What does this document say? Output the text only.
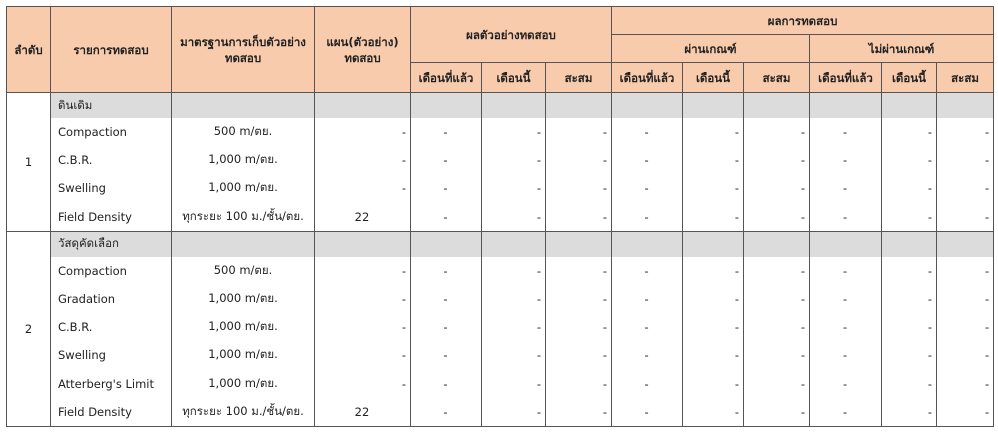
ลำดับ	รายการทดสอบ	มาตรฐานการเก็บตัวอย่างทดสอบ	แผน(ตัวอย่าง) ทดสอบ	ผลตัวอย่างทดสอบ			ผลการทดสอบ					
							ผ่านเกณฑ์			ไม่ผ่านเกณฑ์		
				เดือนที่แล้ว	เดือนนี้	สะสม	เดือนที่แล้ว	เดือนนี้	สะสม	เดือนที่แล้ว	เดือนนี้	สะสม
1	ดินเดิม											
	Compaction	500 m/ตย.	-	-	-	-	-	-	-	-	-	-
	C.B.R.	1,000 m/ตย.	-	-	-	-	-	-	-	-	-	-
	Swelling	1,000 m/ตย.	-	-	-	-	-	-	-	-	-	-
	Field Density	ทุกระยะ 100 ม./ชั้น/ตย.	22	-	-	-	-	-	-	-	-	-
2	วัสดุคัดเลือก											
	Compaction	500 m/ตย.	-	-	-	-	-	-	-	-	-	-
	Gradation	1,000 m/ตย.	-	-	-	-	-	-	-	-	-	-
	C.B.R.	1,000 m/ตย.	-	-	-	-	-	-	-	-	-	-
	Swelling	1,000 m/ตย.	-	-	-	-	-	-	-	-	-	-
	Atterberg's Limit	1,000 m/ตย.	-	-	-	-	-	-	-	-	-	-
	Field Density	ทุกระยะ 100 ม./ชั้น/ตย.	22	-	-	-	-	-	-	-	-	-
